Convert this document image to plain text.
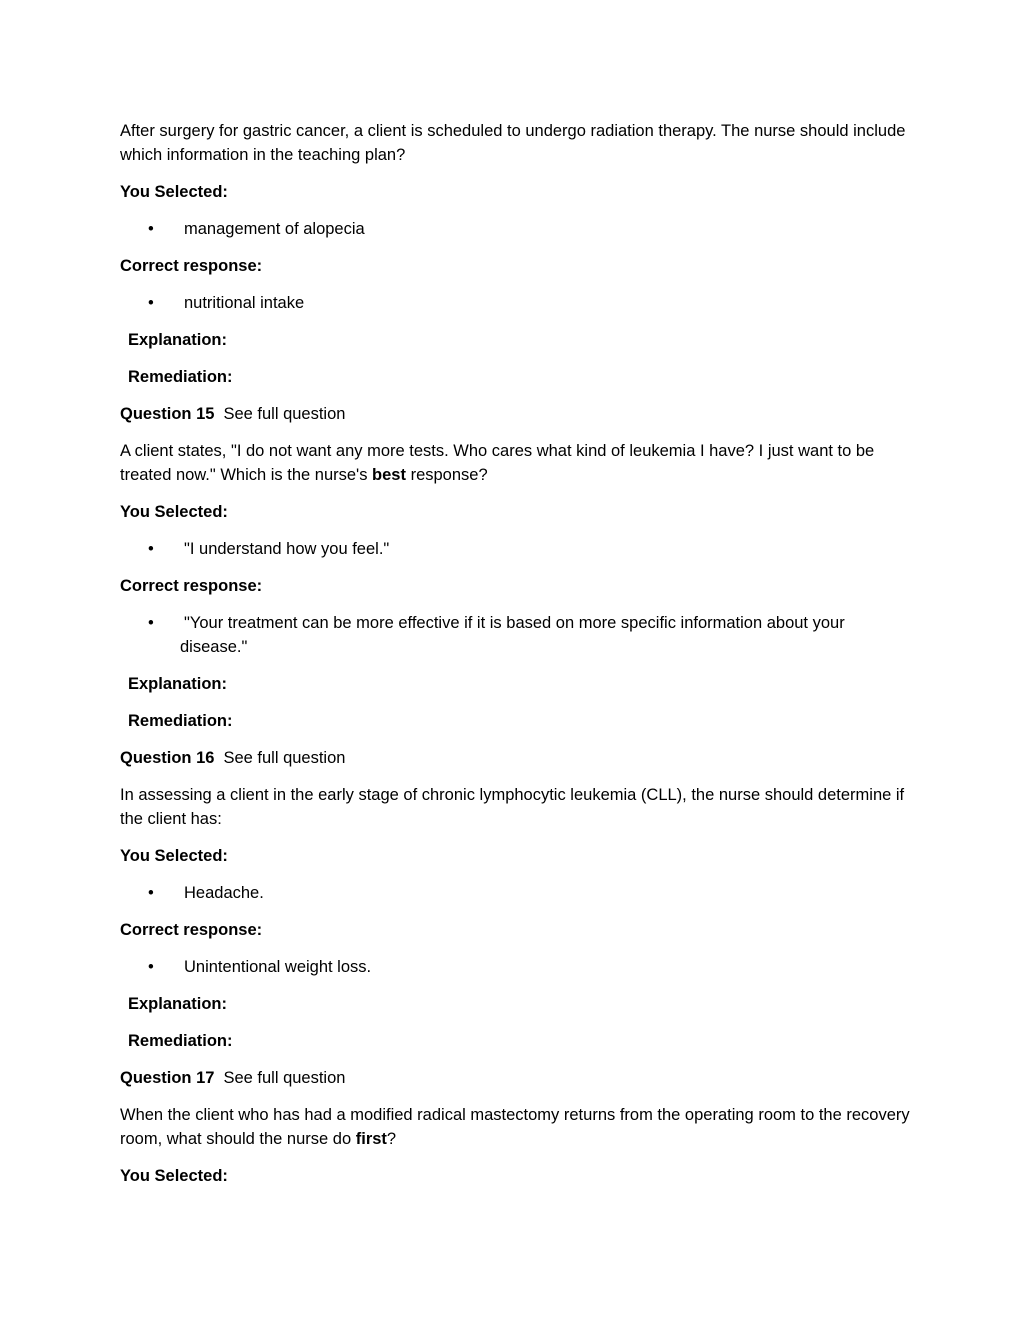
After surgery for gastric cancer, a client is scheduled to undergo radiation therapy. The nurse should include which information in the teaching plan?

You Selected:

• management of alopecia

Correct response:

• nutritional intake

Explanation:

Remediation:

Question 15 See full question

A client states, "I do not want any more tests. Who cares what kind of leukemia I have? I just want to be treated now." Which is the nurse's best response?

You Selected:

• "I understand how you feel."

Correct response:

• "Your treatment can be more effective if it is based on more specific information about your
disease."

Explanation:

Remediation:

Question 16 See full question

In assessing a client in the early stage of chronic lymphocytic leukemia (CLL), the nurse should determine if the client has:

You Selected:

• Headache.

Correct response:

• Unintentional weight loss.

Explanation:

Remediation:

Question 17 See full question

When the client who has had a modified radical mastectomy returns from the operating room to the recovery room, what should the nurse do first?

You Selected:
